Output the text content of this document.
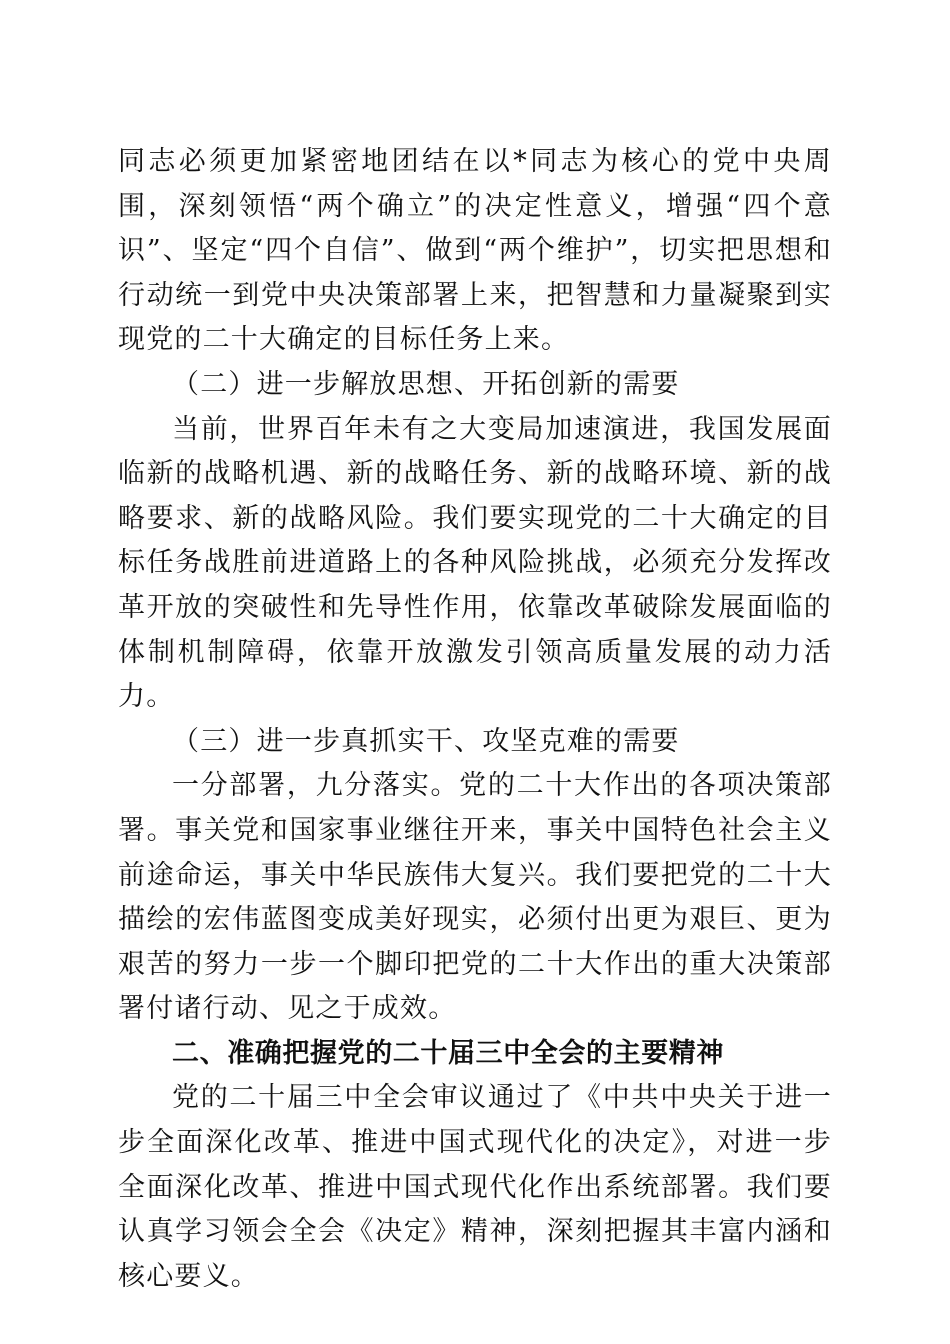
同志必须更加紧密地团结在以*同志为核心的党中央周围，深刻领悟“两个确立”的决定性意义，增强“四个意识”、坚定“四个自信”、做到“两个维护”，切实把思想和行动统一到党中央决策部署上来，把智慧和力量凝聚到实现党的二十大确定的目标任务上来。

（二）进一步解放思想、开拓创新的需要

当前，世界百年未有之大变局加速演进，我国发展面临新的战略机遇、新的战略任务、新的战略环境、新的战略要求、新的战略风险。我们要实现党的二十大确定的目标任务战胜前进道路上的各种风险挑战，必须充分发挥改革开放的突破性和先导性作用，依靠改革破除发展面临的体制机制障碍，依靠开放激发引领高质量发展的动力活力。

（三）进一步真抓实干、攻坚克难的需要

一分部署，九分落实。党的二十大作出的各项决策部署。事关党和国家事业继往开来，事关中国特色社会主义前途命运，事关中华民族伟大复兴。我们要把党的二十大描绘的宏伟蓝图变成美好现实，必须付出更为艰巨、更为艰苦的努力一步一个脚印把党的二十大作出的重大决策部署付诸行动、见之于成效。

二、准确把握党的二十届三中全会的主要精神

党的二十届三中全会审议通过了《中共中央关于进一步全面深化改革、推进中国式现代化的决定》，对进一步全面深化改革、推进中国式现代化作出系统部署。我们要认真学习领会全会《决定》精神，深刻把握其丰富内涵和核心要义。
